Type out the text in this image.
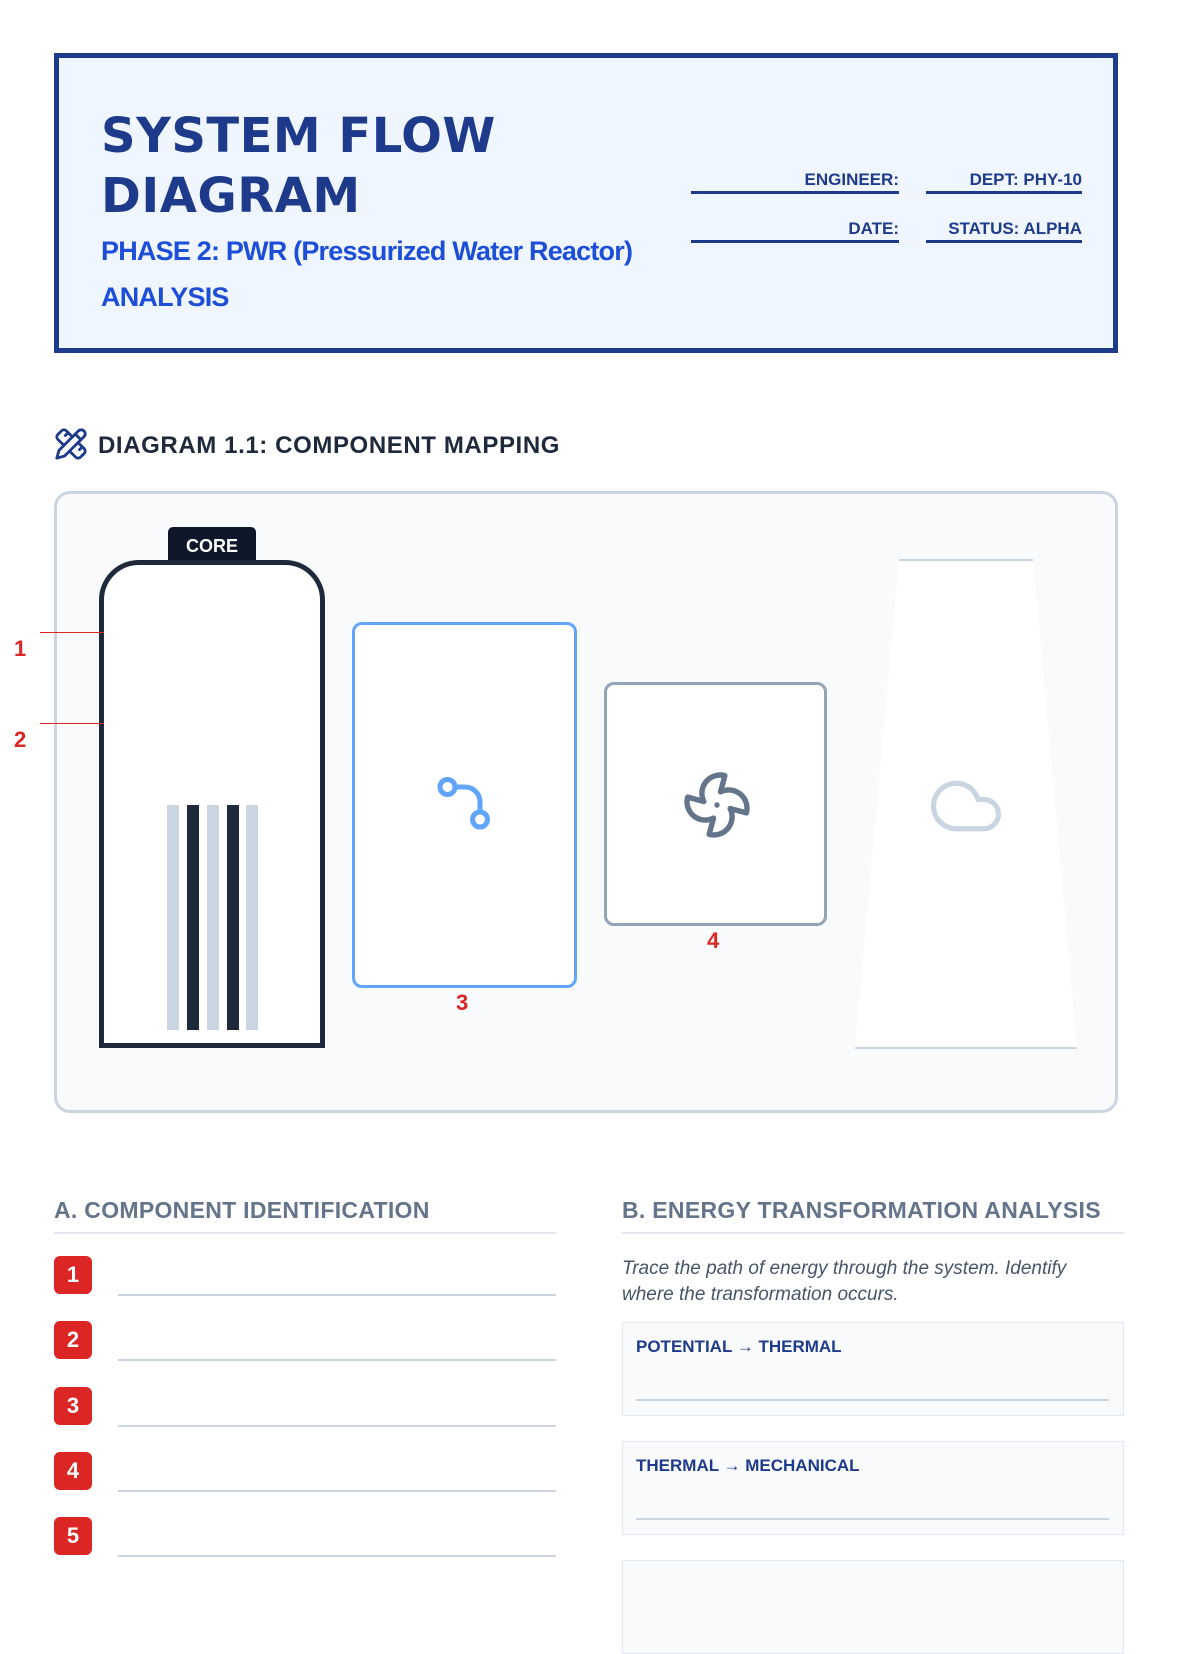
SYSTEM FLOW DIAGRAM
PHASE 2: PWR (Pressurized Water Reactor) ANALYSIS
ENGINEER:	DEPT: PHY-10
DATE:	STATUS: ALPHA
DIAGRAM 1.1: COMPONENT MAPPING
CORE
1
2
3
4
A. COMPONENT IDENTIFICATION
1
2
3
4
5
B. ENERGY TRANSFORMATION ANALYSIS
Trace the path of energy through the system. Identify where the transformation occurs.
POTENTIAL → THERMAL
THERMAL → MECHANICAL
